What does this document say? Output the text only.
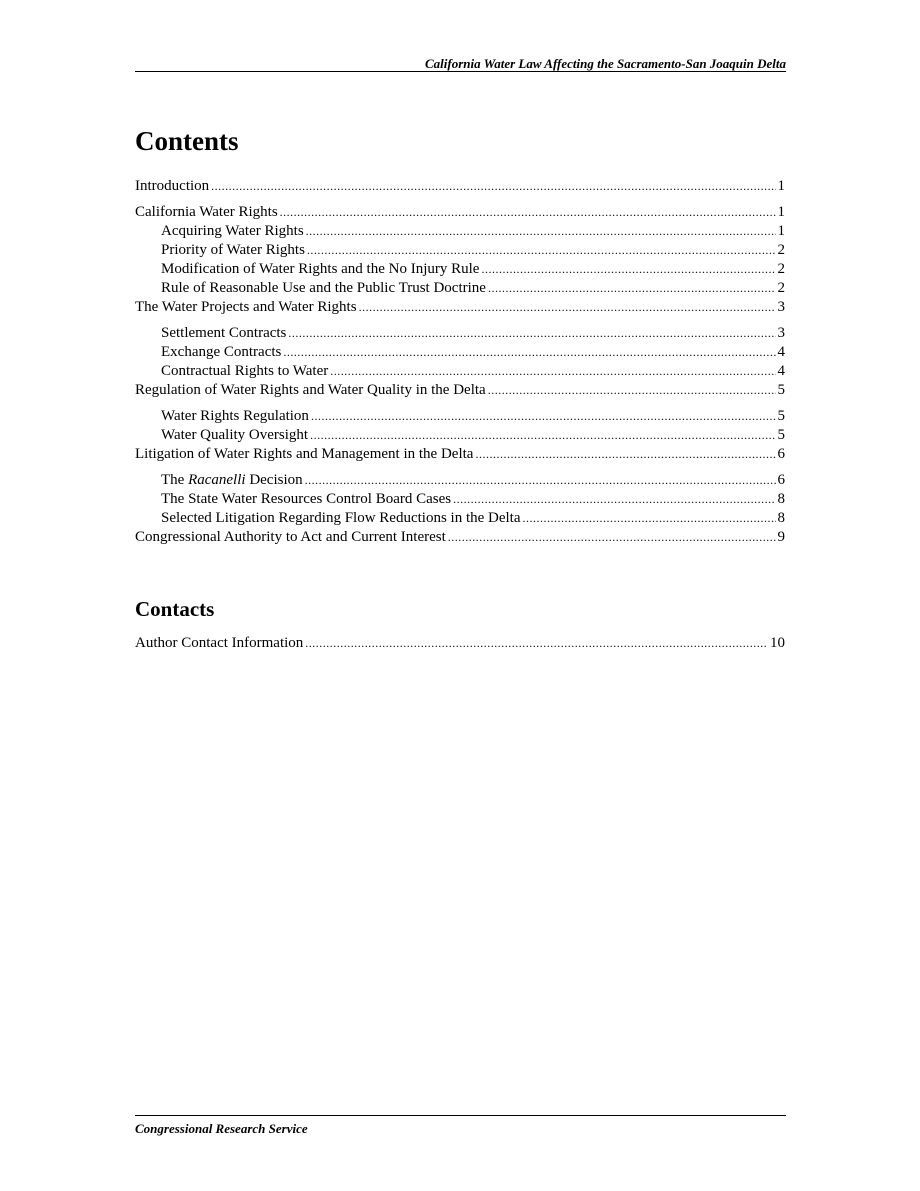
California Water Law Affecting the Sacramento-San Joaquin Delta
Contents
Introduction .....	1
California Water Rights .....	1
Acquiring Water Rights .....	1
Priority of Water Rights .....	2
Modification of Water Rights and the No Injury Rule .....	2
Rule of Reasonable Use and the Public Trust Doctrine .....	2
The Water Projects and Water Rights .....	3
Settlement Contracts .....	3
Exchange Contracts .....	4
Contractual Rights to Water .....	4
Regulation of Water Rights and Water Quality in the Delta .....	5
Water Rights Regulation .....	5
Water Quality Oversight .....	5
Litigation of Water Rights and Management in the Delta .....	6
The Racanelli Decision .....	6
The State Water Resources Control Board Cases .....	8
Selected Litigation Regarding Flow Reductions in the Delta .....	8
Congressional Authority to Act and Current Interest .....	9
Contacts
Author Contact Information .....	10
Congressional Research Service
